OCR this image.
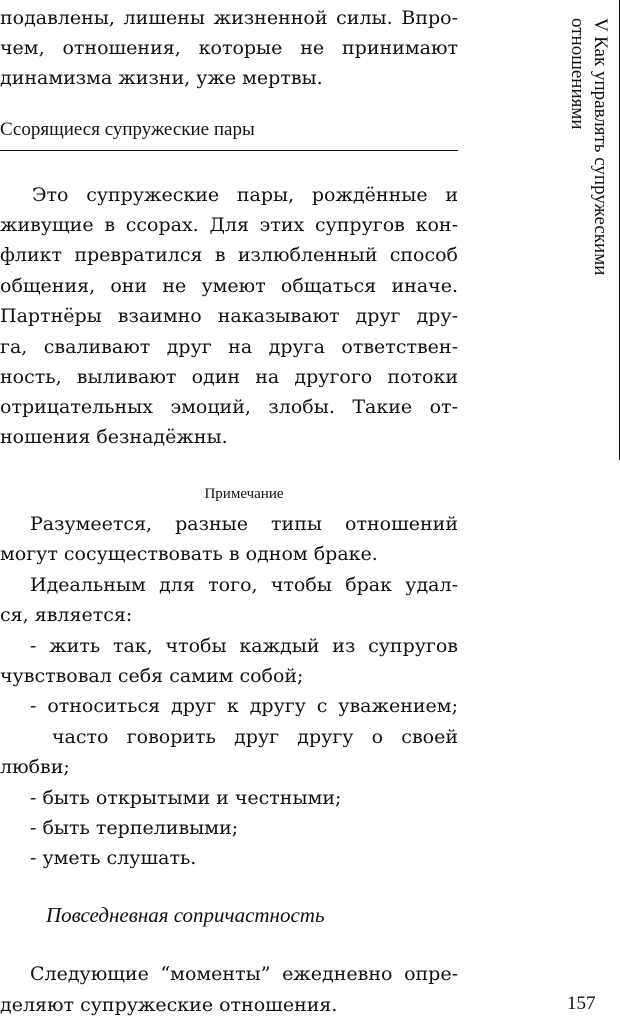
подавлены, лишены жизненной силы. Впро-
чем, отношения, которые не принимают
динамизма жизни, уже мертвы.
Ссорящиеся супружеские пары
Это супружеские пары, рождённые и
живущие в ссорах. Для этих супругов кон-
фликт превратился в излюбленный способ
общения, они не умеют общаться иначе.
Партнёры взаимно наказывают друг дру-
га, сваливают друг на друга ответствен-
ность, выливают один на другого потоки
отрицательных эмоций, злобы. Такие от-
ношения безнадёжны.
Примечание
Разумеется, разные типы отношений
могут сосуществовать в одном браке.
Идеальным для того, чтобы брак удал-
ся, является:
- жить так, чтобы каждый из супругов
чувствовал себя самим собой;
- относиться друг к другу с уважением;
часто говорить друг другу о своей
любви;
- быть открытыми и честными;
- быть терпеливыми;
- уметь слушать.
Повседневная сопричастность
Следующие “моменты” ежедневно опре-
деляют супружеские отношения.
V Как управлять супружескими
отношениями
157
